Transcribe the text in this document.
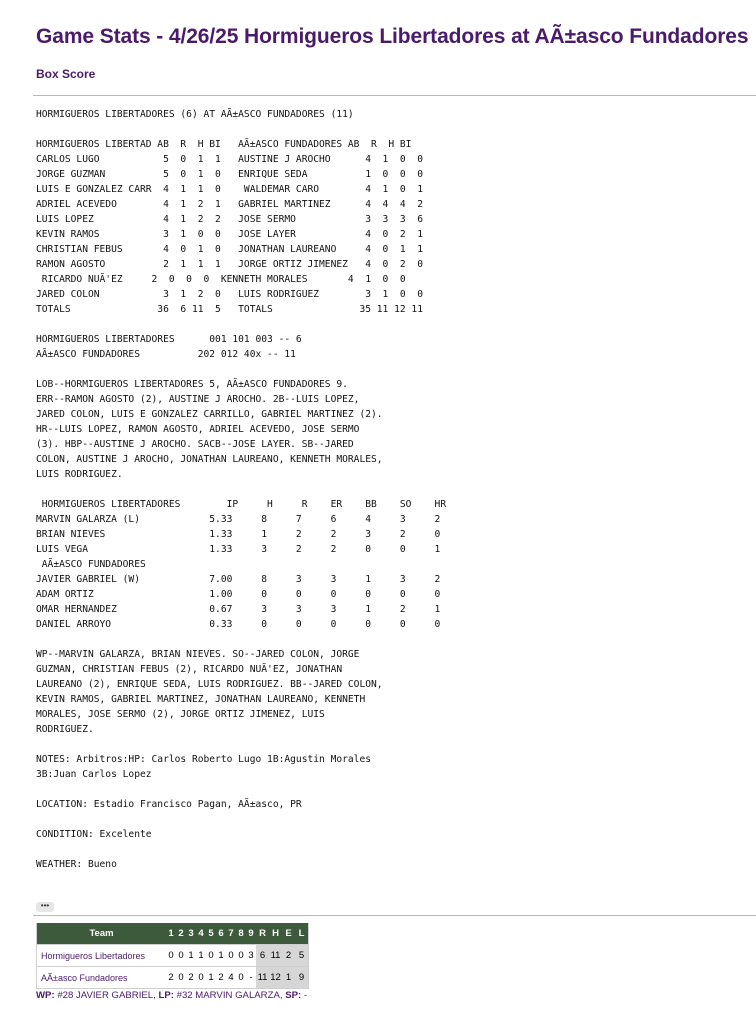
Game Stats - 4/26/25 Hormigueros Libertadores at AÃ±asco Fundadores
Box Score
HORMIGUEROS LIBERTADORES (6) AT AÃ±ASCO FUNDADORES (11)

HORMIGUEROS LIBERTAD AB  R  H BI   AÃ±ASCO FUNDADORES AB  R  H BI
CARLOS LUGO           5  0  1  1   AUSTINE J AROCHO      4  1  0  0
JORGE GUZMAN          5  0  1  0   ENRIQUE SEDA          1  0  0  0
LUIS E GONZALEZ CARR  4  1  1  0    WALDEMAR CARO        4  1  0  1
ADRIEL ACEVEDO        4  1  2  1   GABRIEL MARTINEZ      4  4  4  2
LUIS LOPEZ            4  1  2  2   JOSE SERMO            3  3  3  6
KEVIN RAMOS           3  1  0  0   JOSE LAYER            4  0  2  1
CHRISTIAN FEBUS       4  0  1  0   JONATHAN LAUREANO     4  0  1  1
RAMON AGOSTO          2  1  1  1   JORGE ORTIZ JIMENEZ   4  0  2  0
RICARDO NUÃ'EZ     2  0  0  0  KENNETH MORALES       4  1  0  0
JARED COLON           3  1  2  0   LUIS RODRIGUEZ        3  1  0  0
TOTALS               36  6 11  5   TOTALS               35 11 12 11

HORMIGUEROS LIBERTADORES      001 101 003 -- 6
AÃ±ASCO FUNDADORES          202 012 40x -- 11

LOB--HORMIGUEROS LIBERTADORES 5, AÃ±ASCO FUNDADORES 9.
ERR--RAMON AGOSTO (2), AUSTINE J AROCHO. 2B--LUIS LOPEZ,
JARED COLON, LUIS E GONZALEZ CARRILLO, GABRIEL MARTINEZ (2).
HR--LUIS LOPEZ, RAMON AGOSTO, ADRIEL ACEVEDO, JOSE SERMO
(3). HBP--AUSTINE J AROCHO. SACB--JOSE LAYER. SB--JARED
COLON, AUSTINE J AROCHO, JONATHAN LAUREANO, KENNETH MORALES,
LUIS RODRIGUEZ.

HORMIGUEROS LIBERTADORES        IP     H     R    ER    BB    SO    HR
MARVIN GALARZA (L)            5.33     8     7     6     4     3     2
BRIAN NIEVES                  1.33     1     2     2     3     2     0
LUIS VEGA                     1.33     3     2     2     0     0     1
AÃ±ASCO FUNDADORES
JAVIER GABRIEL (W)            7.00     8     3     3     1     3     2
ADAM ORTIZ                    1.00     0     0     0     0     0     0
OMAR HERNANDEZ                0.67     3     3     3     1     2     1
DANIEL ARROYO                 0.33     0     0     0     0     0     0

WP--MARVIN GALARZA, BRIAN NIEVES. SO--JARED COLON, JORGE
GUZMAN, CHRISTIAN FEBUS (2), RICARDO NUÃ'EZ, JONATHAN
LAUREANO (2), ENRIQUE SEDA, LUIS RODRIGUEZ. BB--JARED COLON,
KEVIN RAMOS, GABRIEL MARTINEZ, JONATHAN LAUREANO, KENNETH
MORALES, JOSE SERMO (2), JORGE ORTIZ JIMENEZ, LUIS
RODRIGUEZ.

NOTES: Arbitros:HP: Carlos Roberto Lugo 1B:Agustin Morales
3B:Juan Carlos Lopez

LOCATION: Estadio Francisco Pagan, AÃ±asco, PR

CONDITION: Excelente

WEATHER: Bueno
•••
Team	1	2	3	4	5	6	7	8	9	R	H	E	L
Hormigueros Libertadores	0	0	1	1	0	1	0	0	3	6	11	2	5
AÃ±asco Fundadores	2	0	2	0	1	2	4	0	-	11	12	1	9
WP: #28 JAVIER GABRIEL, LP: #32 MARVIN GALARZA, SP: -
